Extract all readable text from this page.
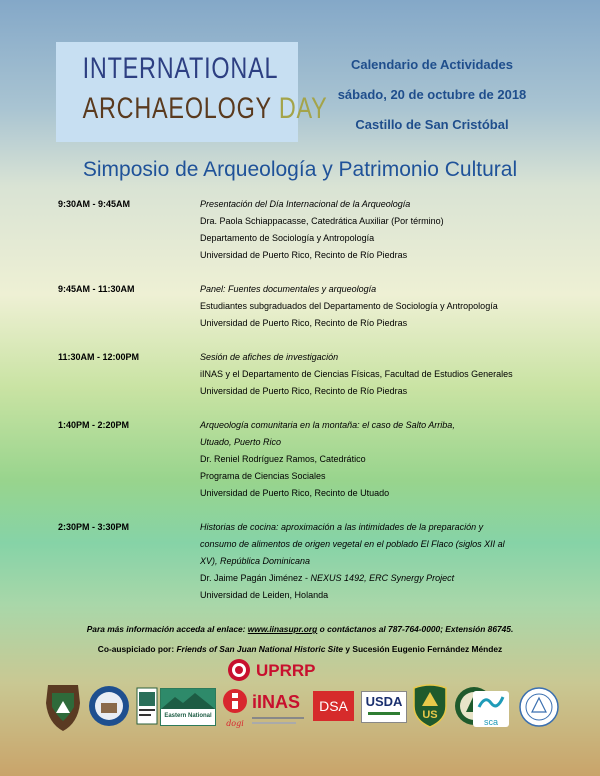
INTERNATIONAL
ARCHAEOLOGY DAY
Calendario de Actividades
sábado, 20 de octubre de 2018
Castillo de San Cristóbal
Simposio de Arqueología y Patrimonio Cultural
9:30AM - 9:45AM	Presentación del Día Internacional de la Arqueología
Dra. Paola Schiappacasse, Catedrática Auxiliar (Por término)
Departamento de Sociología y Antropología
Universidad de Puerto Rico, Recinto de Río Piedras
9:45AM - 11:30AM	Panel: Fuentes documentales y arqueología
Estudiantes subgraduados del Departamento de Sociología y Antropología
Universidad de Puerto Rico, Recinto de Río Piedras
11:30AM - 12:00PM	Sesión de afiches de investigación
iINAS y el Departamento de Ciencias Físicas, Facultad de Estudios Generales
Universidad de Puerto Rico, Recinto de Río Piedras
1:40PM - 2:20PM	Arqueología comunitaria en la montaña: el caso de Salto Arriba,
Utuado, Puerto Rico
Dr. Reniel Rodríguez Ramos, Catedrático
Programa de Ciencias Sociales
Universidad de Puerto Rico, Recinto de Utuado
2:30PM - 3:30PM	Historias de cocina: aproximación a las intimidades de la preparación y
consumo de alimentos de origen vegetal en el poblado El Flaco (siglos XII al
XV), República Dominicana
Dr. Jaime Pagán Jiménez - NEXUS 1492, ERC Synergy Project
Universidad de Leiden, Holanda
Para más información acceda al enlace: www.iinasupr.org o contáctanos al 787-764-0000; Extensión 86745.
Co-auspiciado por: Friends of San Juan National Historic Site y Sucesión Eugenio Fernández Méndez
UPRRP
Eastern National
dogi
iINAS	DSA	USDA
US
sca
